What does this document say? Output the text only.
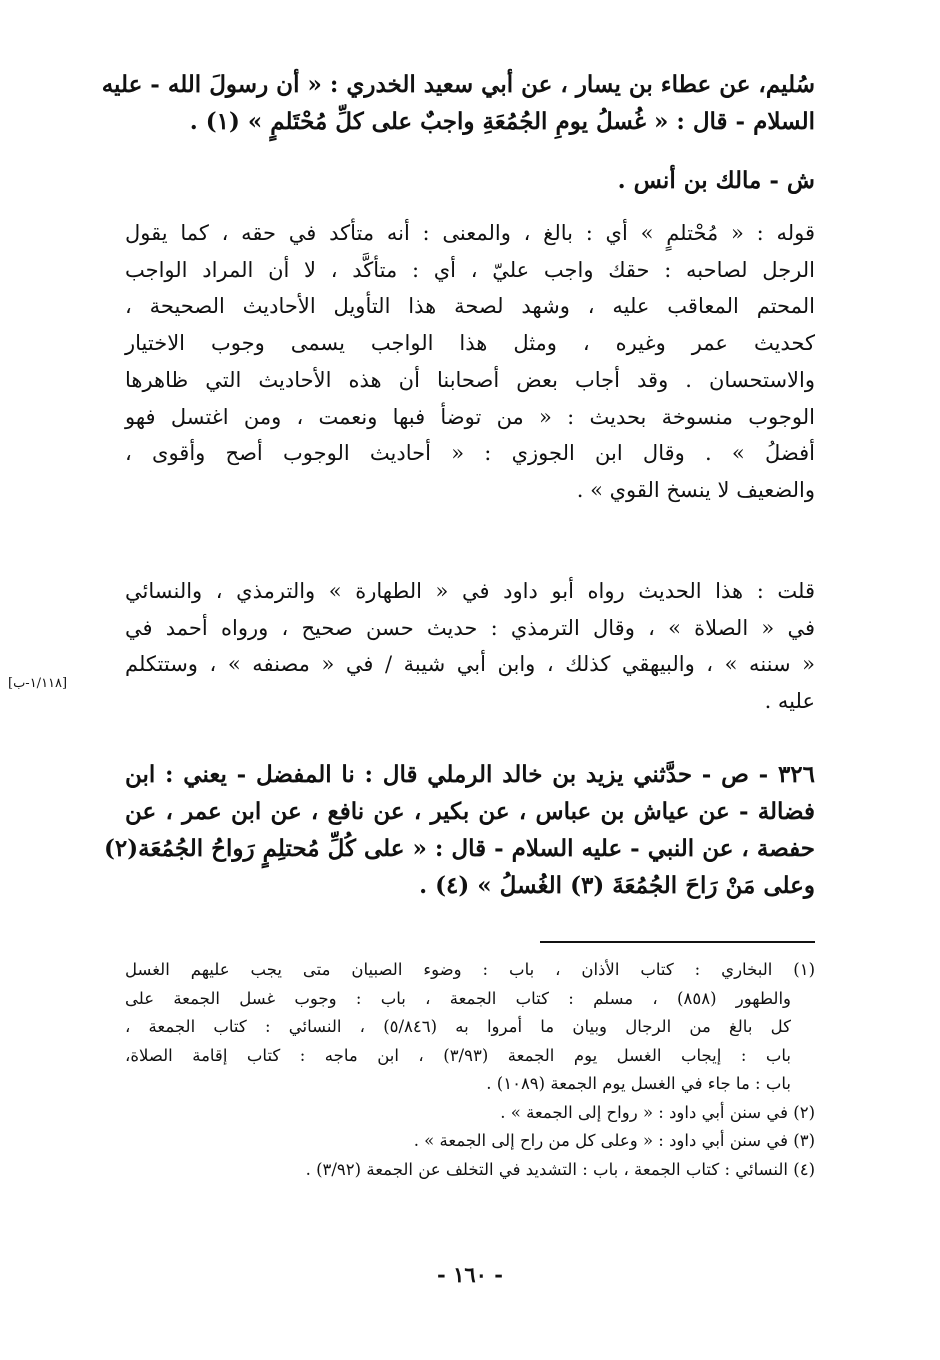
سُليم، عن عطاء بن يسار ، عن أبي سعيد الخدري : « أن رسولَ الله - عليه
السلام - قال : « غُسلُ يومِ الجُمُعَةِ واجبٌ على كلِّ مُحْتَلمٍ » (١) .
ش - مالك بن أنس .
قوله : « مُحْتلمٍ » أي : بالغ ، والمعنى : أنه متأكد في حقه ، كما يقول
الرجل لصاحبه : حقك واجب عليّ ، أي : متأكَّد ، لا أن المراد الواجب
المحتم المعاقب عليه ، وشهد لصحة هذا التأويل الأحاديث الصحيحة ،
كحديث عمر وغيره ، ومثل هذا الواجب يسمى وجوب الاختيار
والاستحسان . وقد أجاب بعض أصحابنا أن هذه الأحاديث التي ظاهرها
الوجوب منسوخة بحديث : « من توضأ فبها ونعمت ، ومن اغتسل فهو
أفضلُ » . وقال ابن الجوزي : « أحاديث الوجوب أصح وأقوى ،
والضعيف لا ينسخ القوي » .
قلت : هذا الحديث رواه أبو داود في « الطهارة » والترمذي ، والنسائي
في « الصلاة » ، وقال الترمذي : حديث حسن صحيح ، ورواه أحمد في
« سننه » ، والبيهقي كذلك ، وابن أبي شيبة / في « مصنفه » ، وستتكلم
عليه .
[١/١١٨-ب]
٣٢٦ - ص - حدَّثني يزيد بن خالد الرملي قال : نا المفضل - يعني : ابن
فضالة - عن عياش بن عباس ، عن بكير ، عن نافع ، عن ابن عمر ، عن
حفصة ، عن النبي - عليه السلام - قال : « على كُلِّ مُحتلِمٍ رَواحُ الجُمُعَة(٢)
وعلى مَنْ رَاحَ الجُمُعَةَ (٣) الغُسلُ » (٤) .
(١) البخاري : كتاب الأذان ، باب : وضوء الصبيان متى يجب عليهم الغسل
والطهور (٨٥٨) ، مسلم : كتاب الجمعة ، باب : وجوب غسل الجمعة على
كل بالغ من الرجال وبيان ما أمروا به (٥/٨٤٦) ، النسائي : كتاب الجمعة ،
باب : إيجاب الغسل يوم الجمعة (٣/٩٣) ، ابن ماجه : كتاب إقامة الصلاة،
باب : ما جاء في الغسل يوم الجمعة (١٠٨٩) .
(٢) في سنن أبي داود : « رواح إلى الجمعة » .
(٣) في سنن أبي داود : « وعلى كل من راح إلى الجمعة » .
(٤) النسائي : كتاب الجمعة ، باب : التشديد في التخلف عن الجمعة (٣/٩٢) .
- ١٦٠ -
